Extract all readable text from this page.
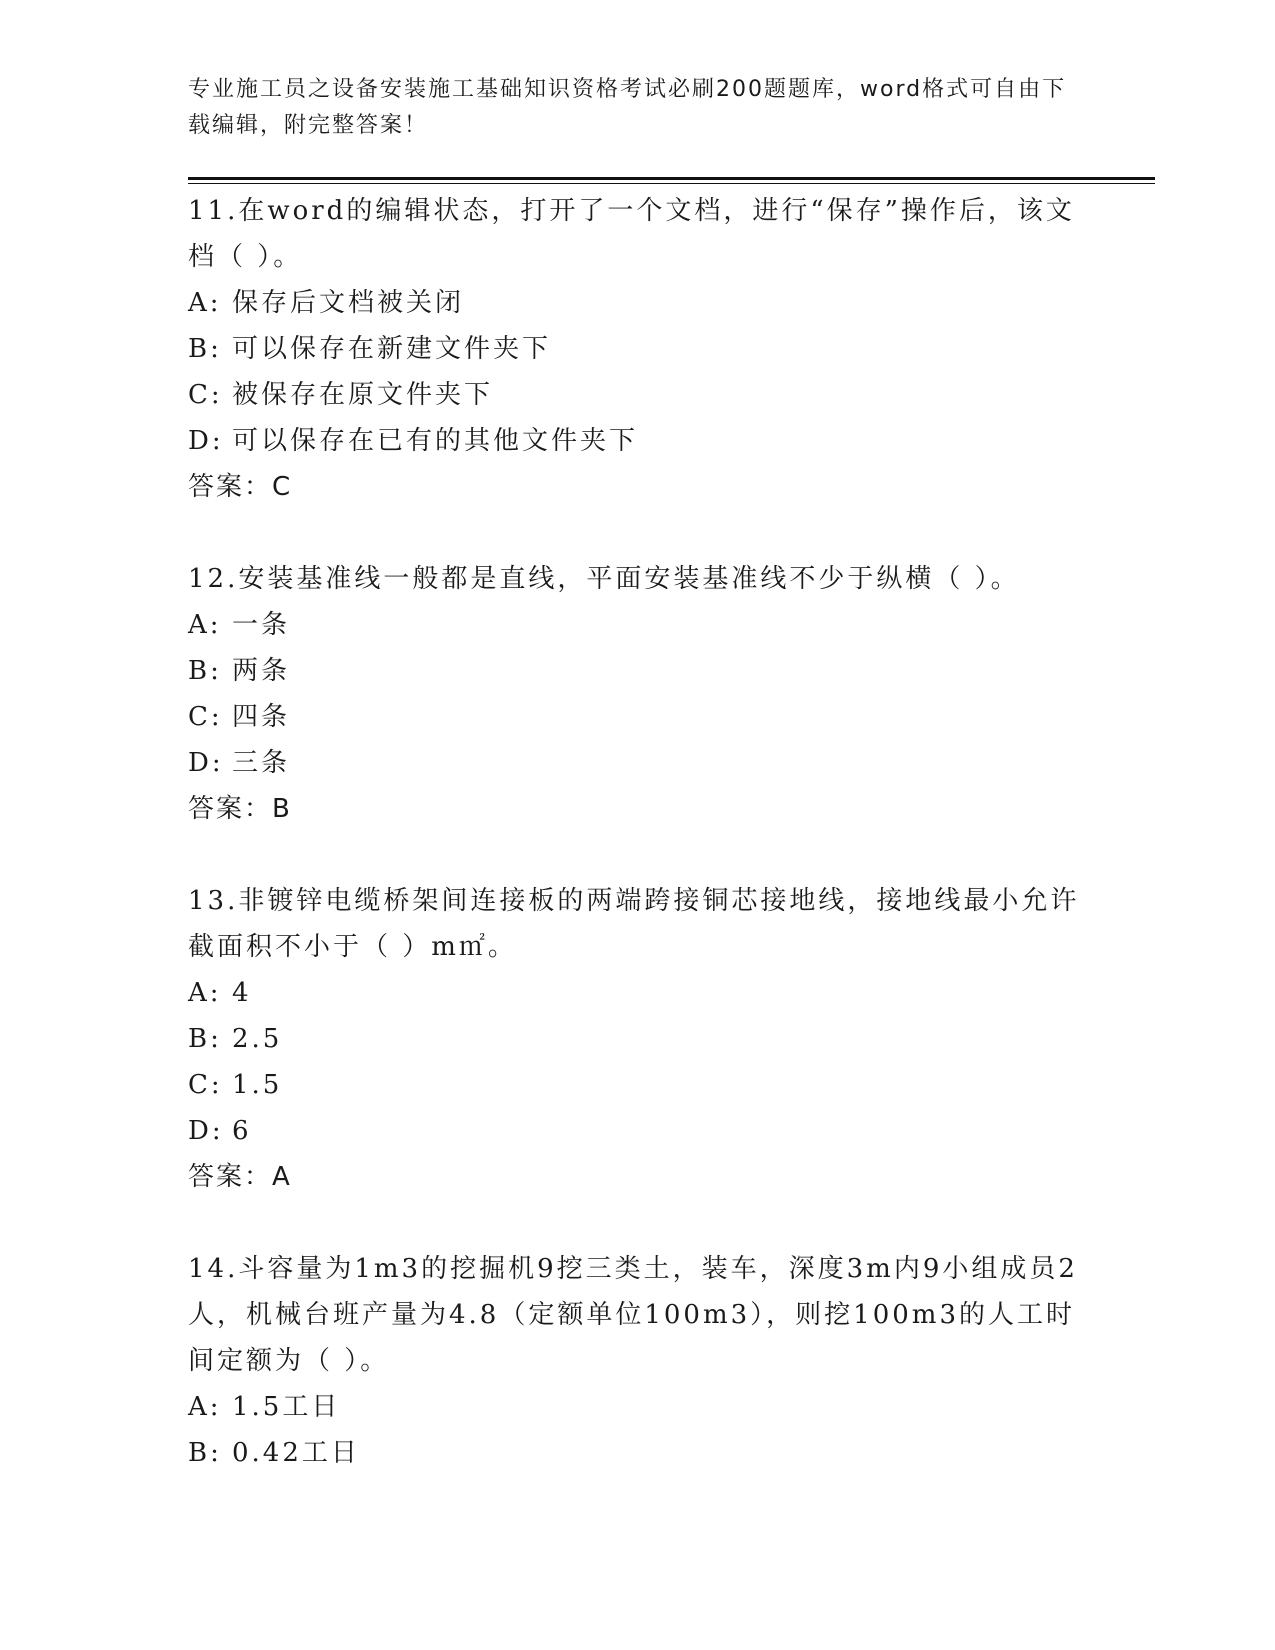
专业施工员之设备安装施工基础知识资格考试必刷200题题库，word格式可自由下载编辑，附完整答案！

11.在word的编辑状态，打开了一个文档，进行“保存”操作后，该文档（ ）。

A: 保存后文档被关闭
B: 可以保存在新建文件夹下
C: 被保存在原文件夹下
D: 可以保存在已有的其他文件夹下
答案：C

12.安装基准线一般都是直线，平面安装基准线不少于纵横（ ）。

A: 一条
B: 两条
C: 四条
D: 三条
答案：B

13.非镀锌电缆桥架间连接板的两端跨接铜芯接地线，接地线最小允许截面积不小于（ ）m㎡。

A: 4
B: 2.5
C: 1.5
D: 6
答案：A

14.斗容量为1m3的挖掘机9挖三类土，装车，深度3m内9小组成员2人，机械台班产量为4.8（定额单位100m3），则挖100m3的人工时间定额为（ ）。

A: 1.5工日
B: 0.42工日
